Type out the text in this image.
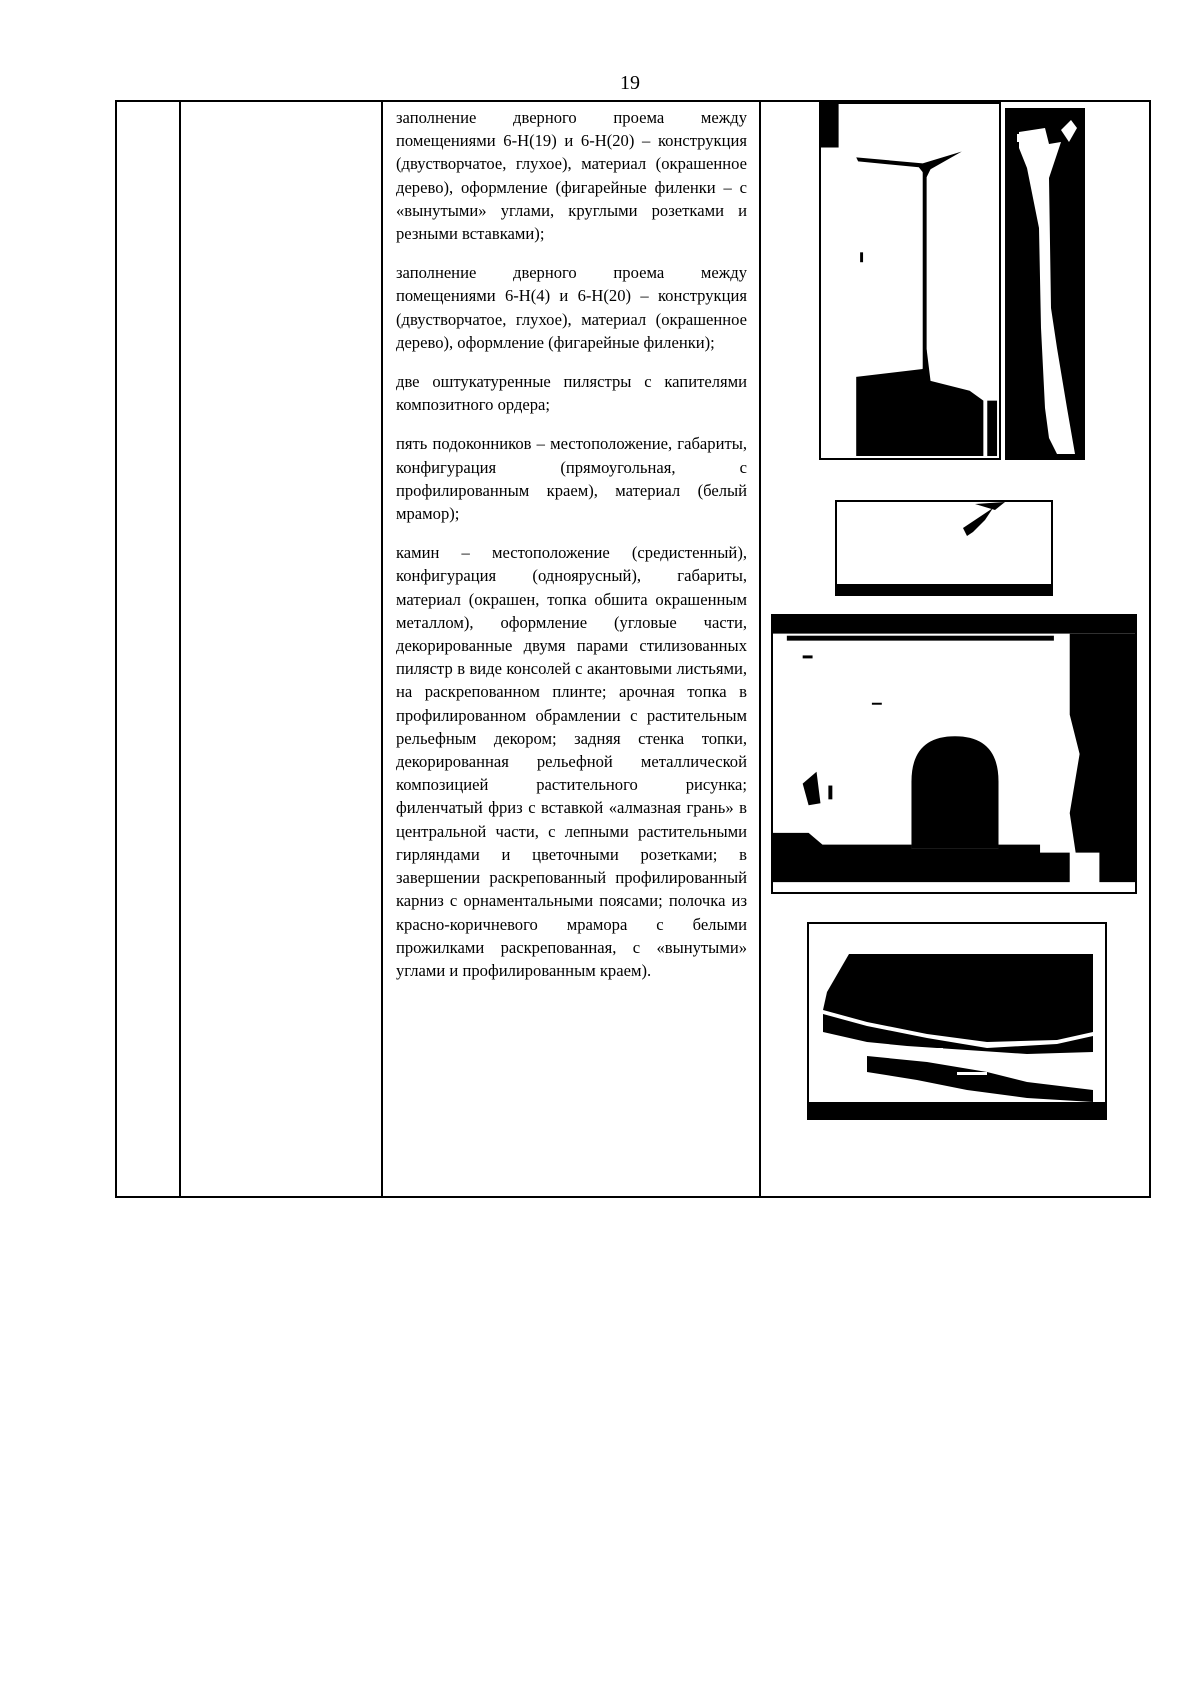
19

заполнение дверного проема между помещениями 6-Н(19) и 6-Н(20) – конструкция (двустворчатое, глухое), материал (окрашенное дерево), оформление (фигарейные филенки – с «вынутыми» углами, круглыми розетками и резными вставками);

заполнение дверного проема между помещениями 6-Н(4) и 6-Н(20) – конструкция (двустворчатое, глухое), материал (окрашенное дерево), оформление (фигарейные филенки);

две оштукатуренные пилястры с капителями композитного ордера;

пять подоконников – местоположение, габариты, конфигурация (прямоугольная, с профилированным краем), материал (белый мрамор);

камин – местоположение (средистенный), конфигурация (одноярусный), габариты, материал (окрашен, топка обшита окрашенным металлом), оформление (угловые части, декорированные двумя парами стилизованных пилястр в виде консолей с акантовыми листьями, на раскрепованном плинте; арочная топка в профилированном обрамлении с растительным рельефным декором; задняя стенка топки, декорированная рельефной металлической композицией растительного рисунка; филенчатый фриз с вставкой «алмазная грань» в центральной части, с лепными растительными гирляндами и цветочными розетками; в завершении раскрепованный профилированный карниз с орнаментальными поясами; полочка из красно-коричневого мрамора с белыми прожилками раскрепованная, с «вынутыми» углами и профилированным краем).
